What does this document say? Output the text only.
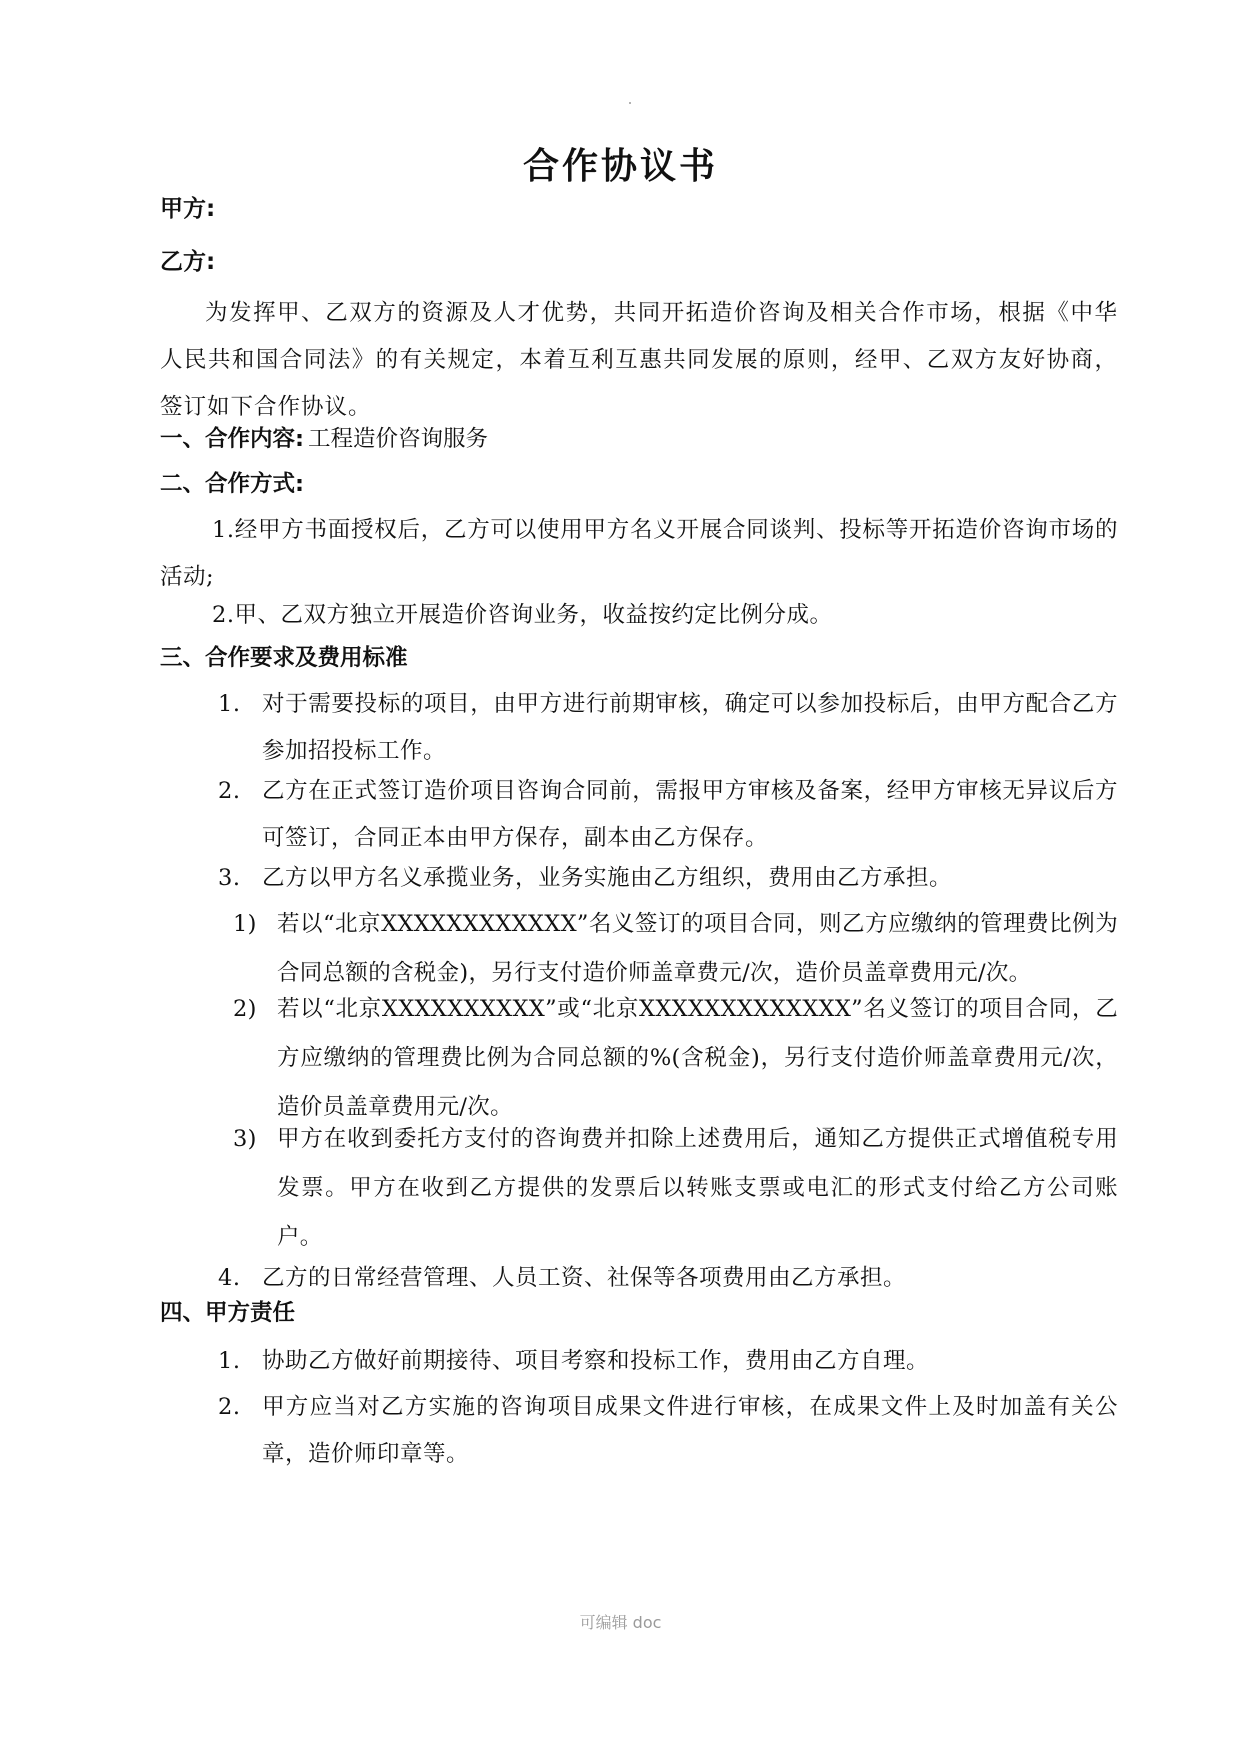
合作协议书
甲方:
乙方:
为发挥甲、乙双方的资源及人才优势，共同开拓造价咨询及相关合作市场，根据《中华人民共和国合同法》的有关规定，本着互利互惠共同发展的原则，经甲、乙双方友好协商，签订如下合作协议。
一、合作内容: 工程造价咨询服务
二、合作方式:
1.经甲方书面授权后，乙方可以使用甲方名义开展合同谈判、投标等开拓造价咨询市场的活动;
2.甲、乙双方独立开展造价咨询业务，收益按约定比例分成。
三、合作要求及费用标准
1. 对于需要投标的项目，由甲方进行前期审核，确定可以参加投标后，由甲方配合乙方参加招投标工作。
2. 乙方在正式签订造价项目咨询合同前，需报甲方审核及备案，经甲方审核无异议后方可签订，合同正本由甲方保存，副本由乙方保存。
3. 乙方以甲方名义承揽业务，业务实施由乙方组织，费用由乙方承担。
1) 若以“北京XXXXXXXXXXXX”名义签订的项目合同，则乙方应缴纳的管理费比例为合同总额的含税金)，另行支付造价师盖章费元/次，造价员盖章费用元/次。
2) 若以“北京XXXXXXXXXX”或“北京XXXXXXXXXXXXX”名义签订的项目合同，乙方应缴纳的管理费比例为合同总额的%(含税金)，另行支付造价师盖章费用元/次，造价员盖章费用元/次。
3) 甲方在收到委托方支付的咨询费并扣除上述费用后，通知乙方提供正式增值税专用发票。甲方在收到乙方提供的发票后以转账支票或电汇的形式支付给乙方公司账户。
4. 乙方的日常经营管理、人员工资、社保等各项费用由乙方承担。
四、甲方责任
1. 协助乙方做好前期接待、项目考察和投标工作，费用由乙方自理。
2. 甲方应当对乙方实施的咨询项目成果文件进行审核，在成果文件上及时加盖有关公章，造价师印章等。
可编辑 doc
